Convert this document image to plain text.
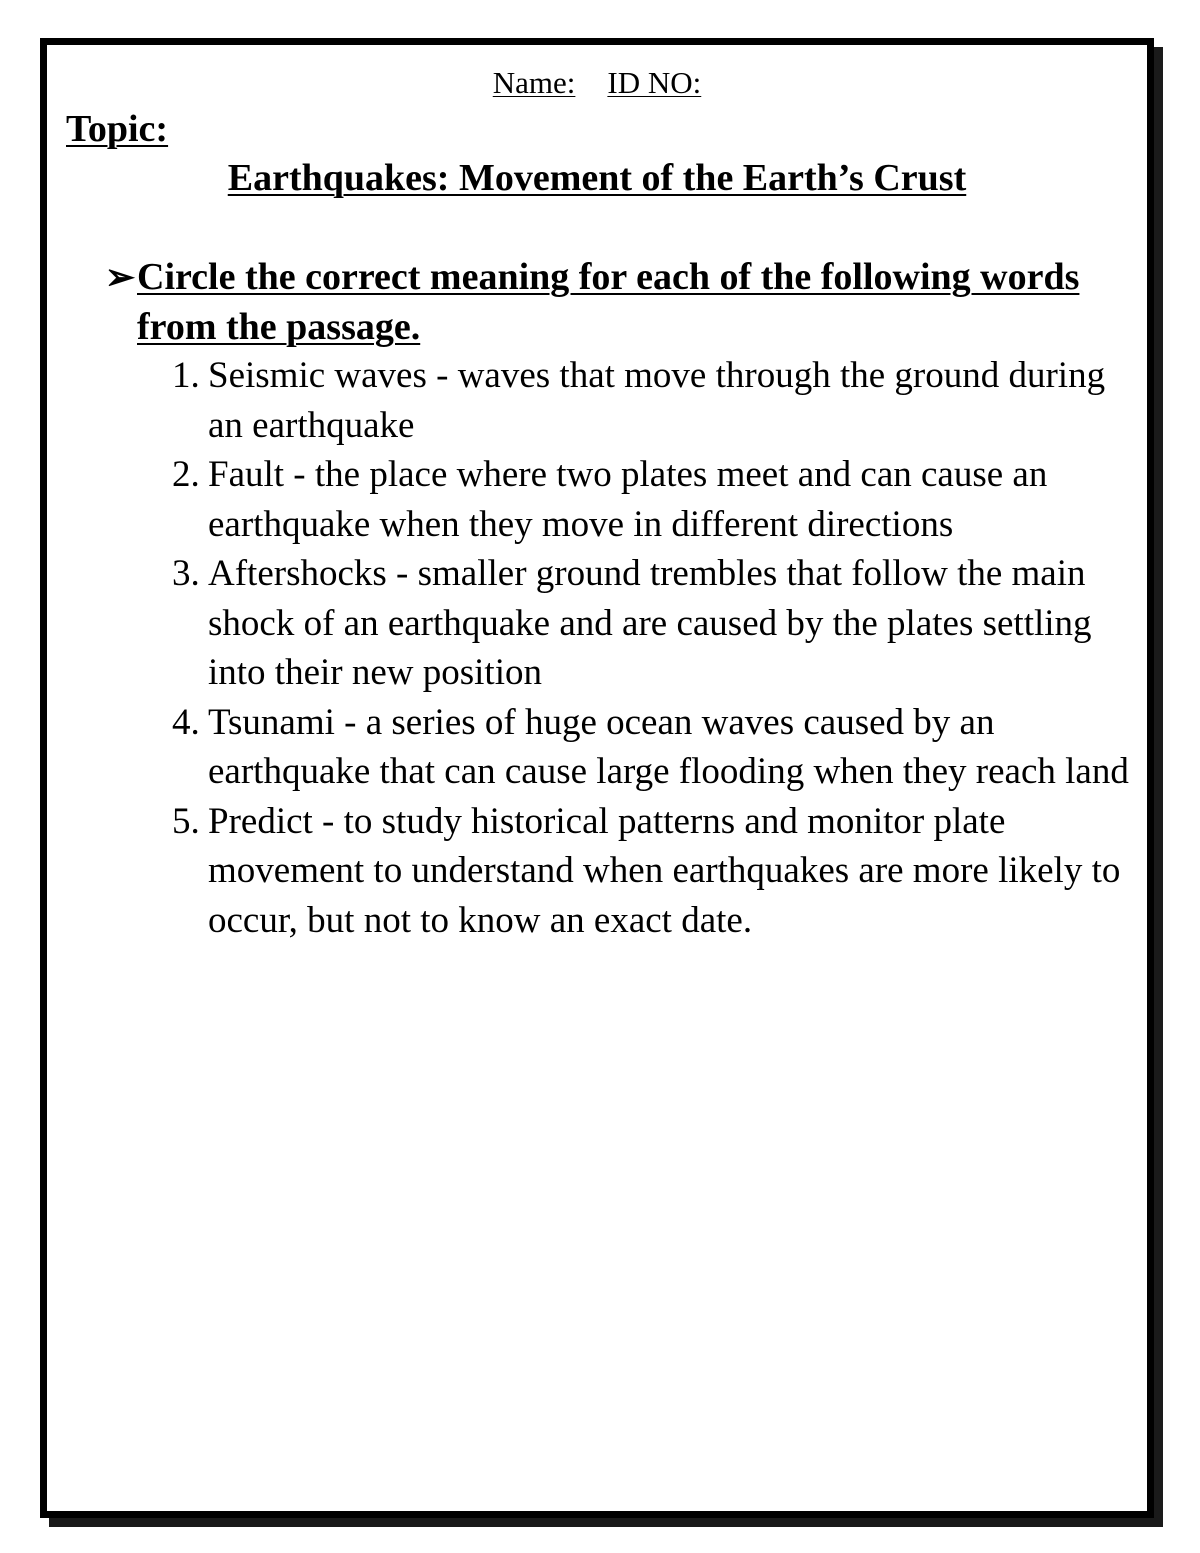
Name: ID NO:
Topic:
Earthquakes: Movement of the Earth’s Crust
➢ Circle the correct meaning for each of the following words from the passage.
1. Seismic waves - waves that move through the ground during an earthquake
2. Fault - the place where two plates meet and can cause an earthquake when they move in different directions
3. Aftershocks - smaller ground trembles that follow the main shock of an earthquake and are caused by the plates settling into their new position
4. Tsunami - a series of huge ocean waves caused by an earthquake that can cause large flooding when they reach land
5. Predict - to study historical patterns and monitor plate movement to understand when earthquakes are more likely to occur, but not to know an exact date.
